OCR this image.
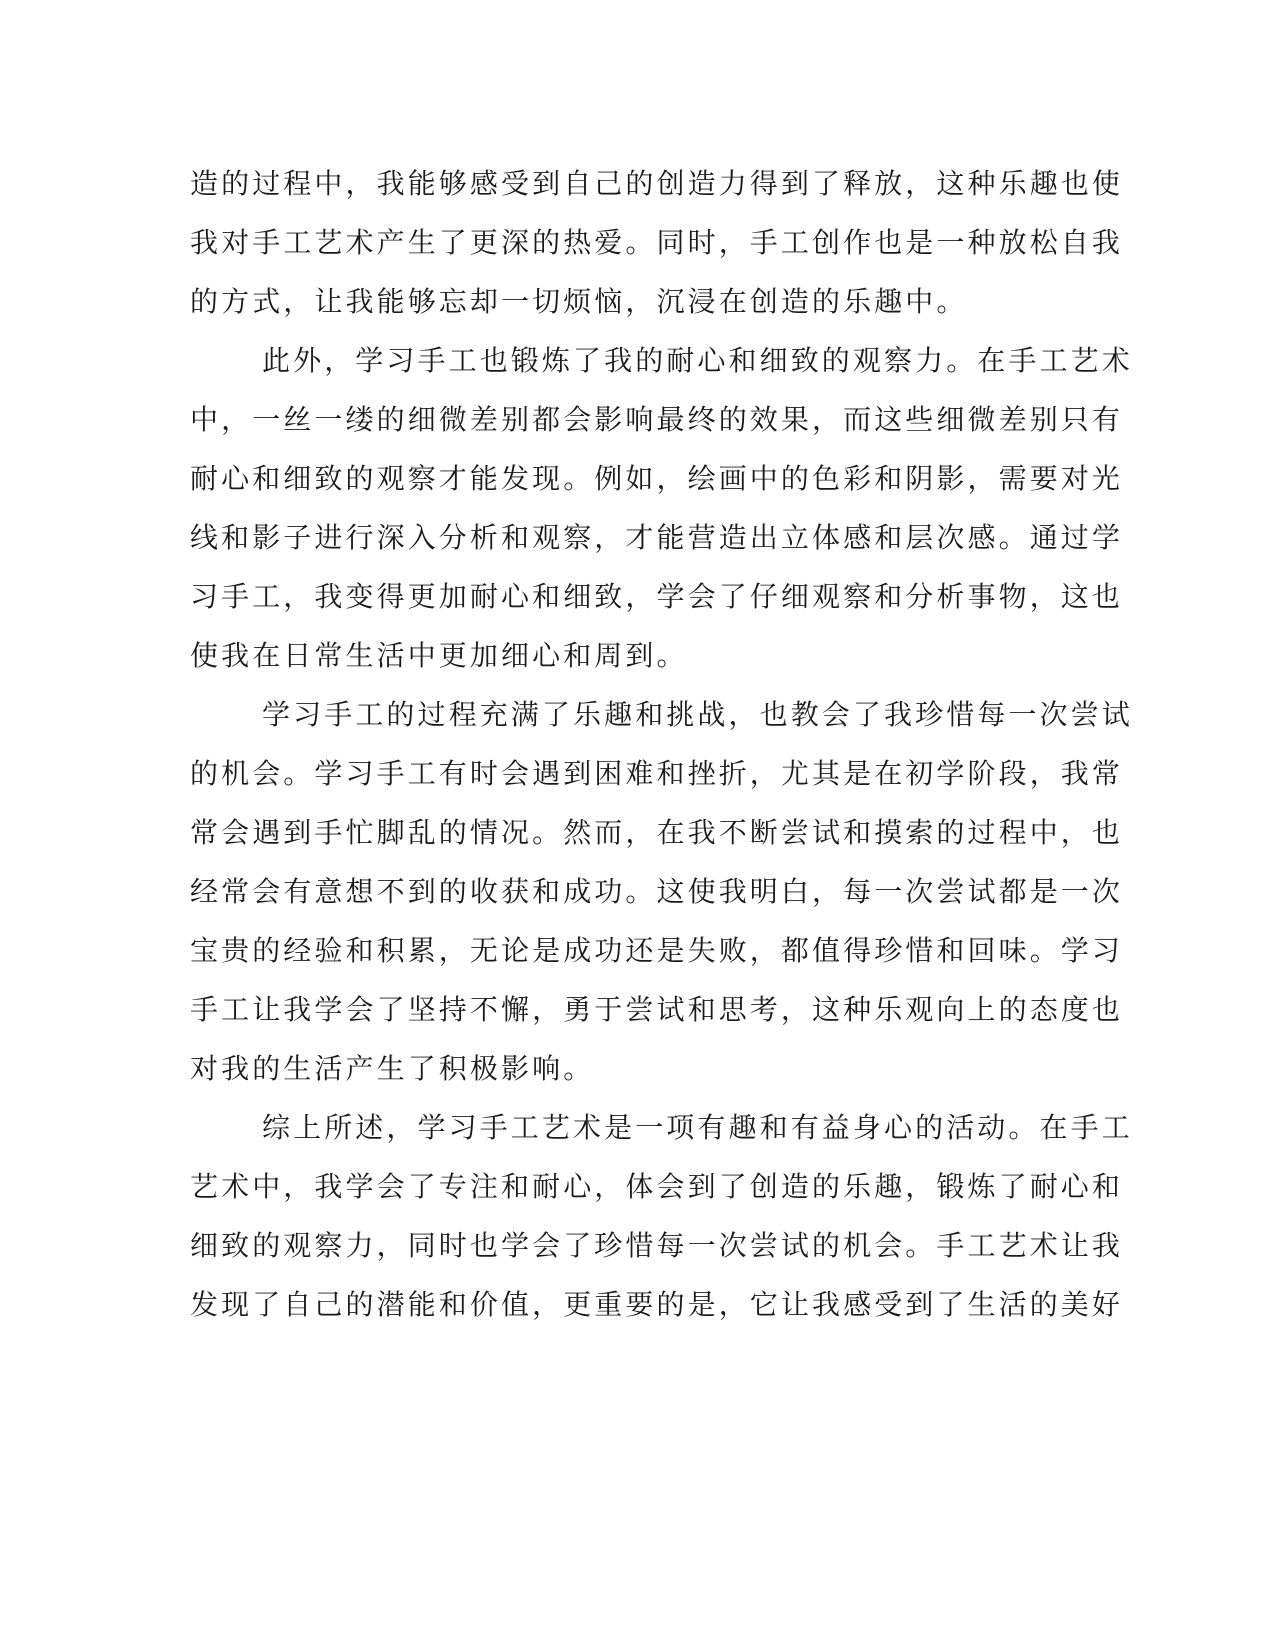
造的过程中，我能够感受到自己的创造力得到了释放，这种乐趣也使
我对手工艺术产生了更深的热爱。同时，手工创作也是一种放松自我
的方式，让我能够忘却一切烦恼，沉浸在创造的乐趣中。
此外，学习手工也锻炼了我的耐心和细致的观察力。在手工艺术
中，一丝一缕的细微差别都会影响最终的效果，而这些细微差别只有
耐心和细致的观察才能发现。例如，绘画中的色彩和阴影，需要对光
线和影子进行深入分析和观察，才能营造出立体感和层次感。通过学
习手工，我变得更加耐心和细致，学会了仔细观察和分析事物，这也
使我在日常生活中更加细心和周到。
学习手工的过程充满了乐趣和挑战，也教会了我珍惜每一次尝试
的机会。学习手工有时会遇到困难和挫折，尤其是在初学阶段，我常
常会遇到手忙脚乱的情况。然而，在我不断尝试和摸索的过程中，也
经常会有意想不到的收获和成功。这使我明白，每一次尝试都是一次
宝贵的经验和积累，无论是成功还是失败，都值得珍惜和回味。学习
手工让我学会了坚持不懈，勇于尝试和思考，这种乐观向上的态度也
对我的生活产生了积极影响。
综上所述，学习手工艺术是一项有趣和有益身心的活动。在手工
艺术中，我学会了专注和耐心，体会到了创造的乐趣，锻炼了耐心和
细致的观察力，同时也学会了珍惜每一次尝试的机会。手工艺术让我
发现了自己的潜能和价值，更重要的是，它让我感受到了生活的美好
